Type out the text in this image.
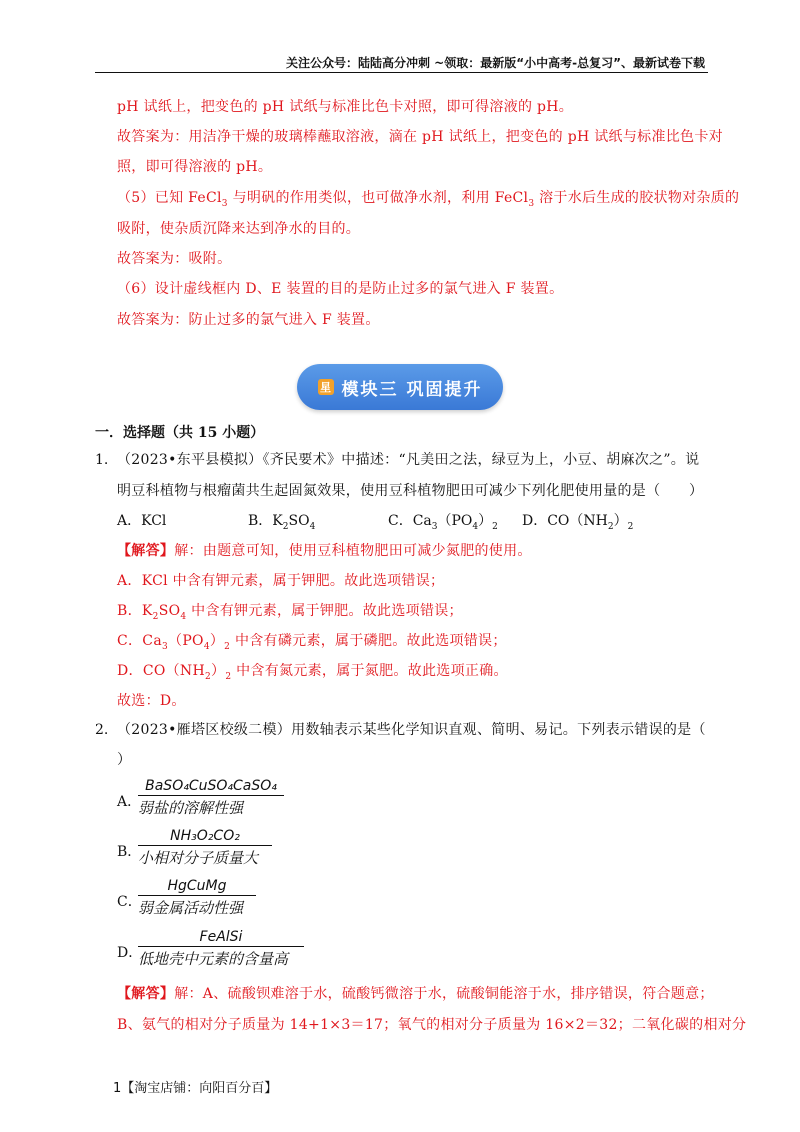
关注公众号：陆陆高分冲刺 ~领取：最新版“小中高考-总复习”、最新试卷下载
pH 试纸上，把变色的 pH 试纸与标准比色卡对照，即可得溶液的 pH。
故答案为：用洁净干燥的玻璃棒蘸取溶液，滴在 pH 试纸上，把变色的 pH 试纸与标准比色卡对
照，即可得溶液的 pH。
（5）已知 FeCl$_3$ 与明矾的作用类似，也可做净水剂，利用 FeCl$_3$ 溶于水后生成的胶状物对杂质的
吸附，使杂质沉降来达到净水的目的。
故答案为：吸附。
（6）设计虚线框内 D、E 装置的目的是防止过多的氯气进入 F 装置。
故答案为：防止过多的氯气进入 F 装置。
星 模块三 巩固提升
一．选择题（共 15 小题）
1. （2023•东平县模拟）《齐民要术》中描述：“凡美田之法，绿豆为上，小豆、胡麻次之”。说
明豆科植物与根瘤菌共生起固氮效果，使用豆科植物肥田可减少下列化肥使用量的是（　　）
A．KCl	B．$K_2SO_4$	C．$Ca_3(PO_4)_2$ D．$CO(NH_2)_2$
【解答】解：由题意可知，使用豆科植物肥田可减少氮肥的使用。
A．KCl 中含有钾元素，属于钾肥。故此选项错误；
B．$K_2SO_4$ 中含有钾元素，属于钾肥。故此选项错误；
C．$Ca_3(PO_4)_2$ 中含有磷元素，属于磷肥。故此选项错误；
D．$CO(NH_2)_2$ 中含有氮元素，属于氮肥。故此选项正确。
故选：D。
2. （2023•雁塔区校级二模）用数轴表示某些化学知识直观、简明、易记。下列表示错误的是（
）
A．
BaSO₄CuSO₄CaSO₄
弱盐的溶解性强
B．
NH₃O₂CO₂
小相对分子质量大
C．
HgCuMg
弱金属活动性强
D．
FeAlSi
低地壳中元素的含量高
【解答】解：A、硫酸钡难溶于水，硫酸钙微溶于水，硫酸铜能溶于水，排序错误，符合题意；
B、氨气的相对分子质量为 14+1×3＝17；氧气的相对分子质量为 16×2＝32；二氧化碳的相对分
1【淘宝店铺：向阳百分百】
